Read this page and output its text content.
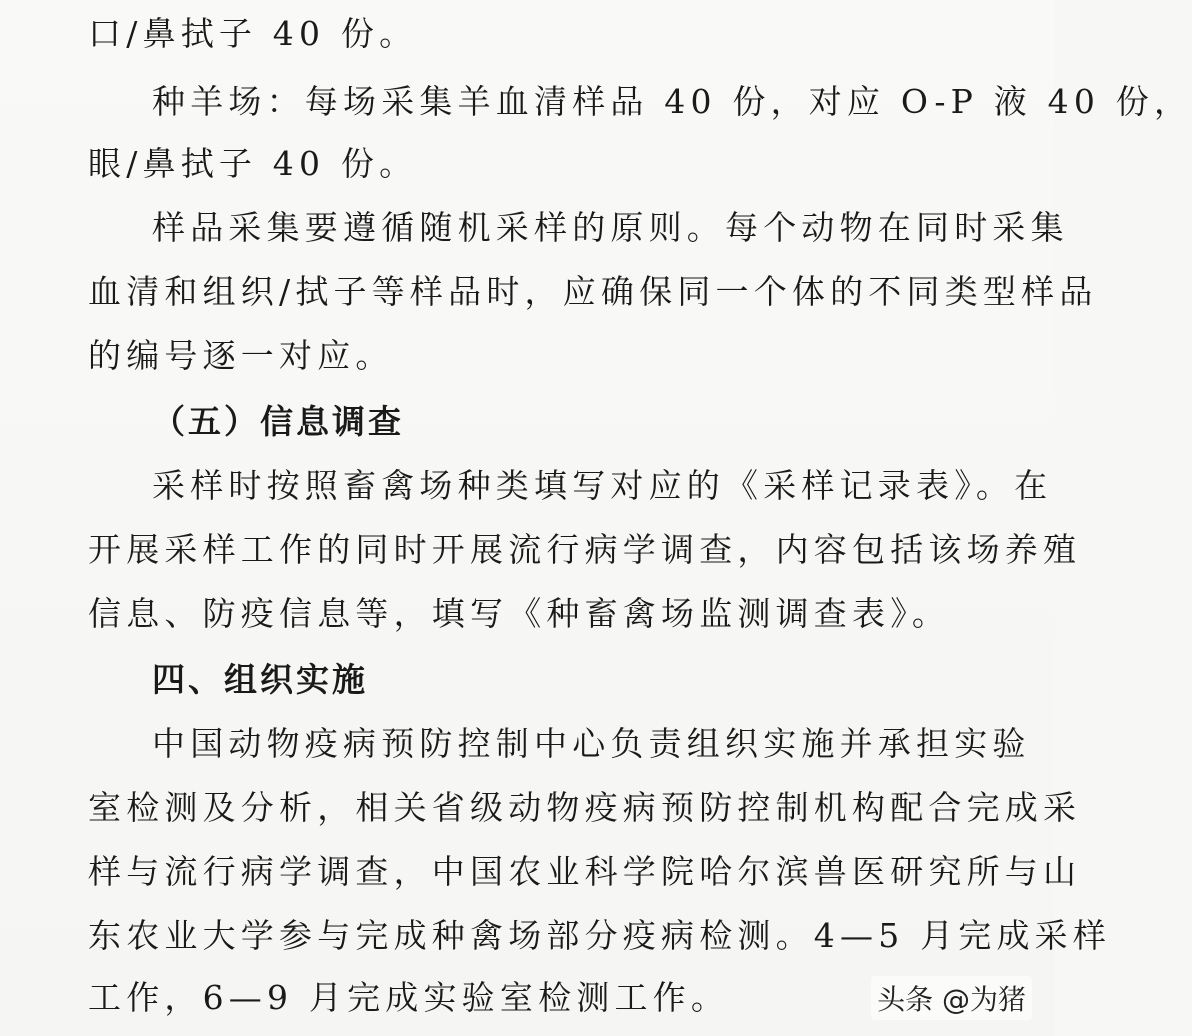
口/鼻拭子 40 份。
种羊场：每场采集羊血清样品 40 份，对应 O-P 液 40 份，
眼/鼻拭子 40 份。
样品采集要遵循随机采样的原则。每个动物在同时采集
血清和组织/拭子等样品时，应确保同一个体的不同类型样品
的编号逐一对应。
（五）信息调查
采样时按照畜禽场种类填写对应的《采样记录表》。在
开展采样工作的同时开展流行病学调查，内容包括该场养殖
信息、防疫信息等，填写《种畜禽场监测调查表》。
四、组织实施
中国动物疫病预防控制中心负责组织实施并承担实验
室检测及分析，相关省级动物疫病预防控制机构配合完成采
样与流行病学调查，中国农业科学院哈尔滨兽医研究所与山
东农业大学参与完成种禽场部分疫病检测。4—5 月完成采样
工作，6—9 月完成实验室检测工作。	头条 @为猪
